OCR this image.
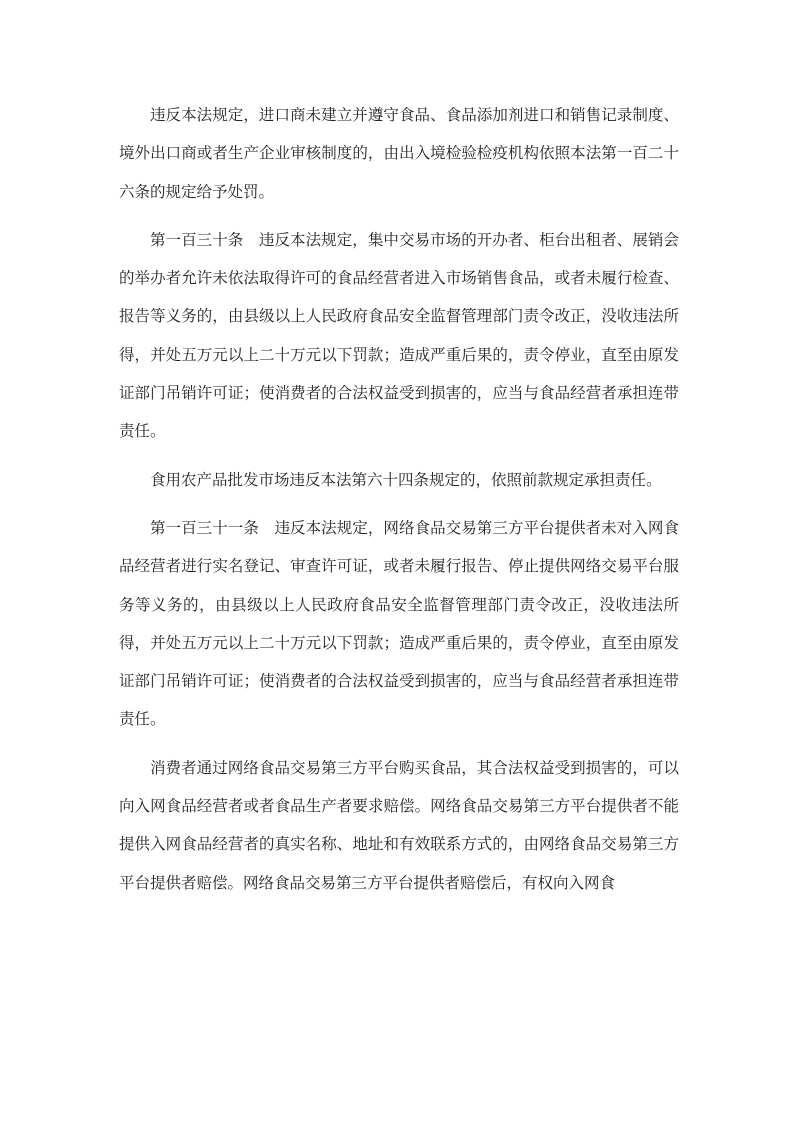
违反本法规定，进口商未建立并遵守食品、食品添加剂进口和销售记录制度、境外出口商或者生产企业审核制度的，由出入境检验检疫机构依照本法第一百二十六条的规定给予处罚。

第一百三十条　违反本法规定，集中交易市场的开办者、柜台出租者、展销会的举办者允许未依法取得许可的食品经营者进入市场销售食品，或者未履行检查、报告等义务的，由县级以上人民政府食品安全监督管理部门责令改正，没收违法所得，并处五万元以上二十万元以下罚款；造成严重后果的，责令停业，直至由原发证部门吊销许可证；使消费者的合法权益受到损害的，应当与食品经营者承担连带责任。

食用农产品批发市场违反本法第六十四条规定的，依照前款规定承担责任。

第一百三十一条　违反本法规定，网络食品交易第三方平台提供者未对入网食品经营者进行实名登记、审查许可证，或者未履行报告、停止提供网络交易平台服务等义务的，由县级以上人民政府食品安全监督管理部门责令改正，没收违法所得，并处五万元以上二十万元以下罚款；造成严重后果的，责令停业，直至由原发证部门吊销许可证；使消费者的合法权益受到损害的，应当与食品经营者承担连带责任。

消费者通过网络食品交易第三方平台购买食品，其合法权益受到损害的，可以向入网食品经营者或者食品生产者要求赔偿。网络食品交易第三方平台提供者不能提供入网食品经营者的真实名称、地址和有效联系方式的，由网络食品交易第三方平台提供者赔偿。网络食品交易第三方平台提供者赔偿后，有权向入网食
